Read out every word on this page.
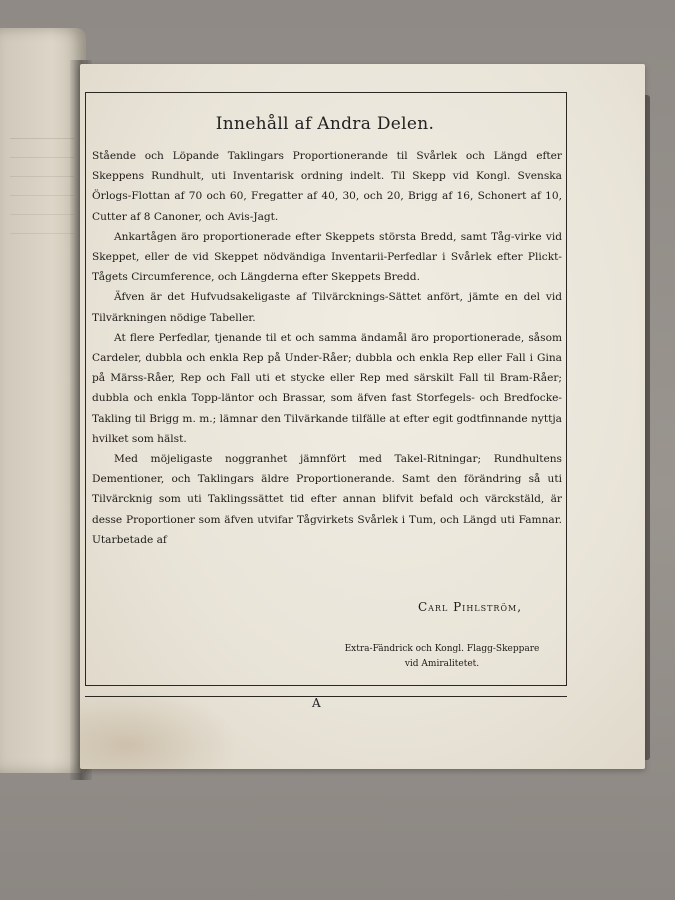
Innehåll af Andra Delen.

Stående och Löpande Taklingars Proportionerande til Svårlek och Längd efter Skeppens Rundhult, uti Inventarisk ordning indelt. Til Skepp vid Kongl. Svenska Örlogs-Flottan af 70 och 60, Fregatter af 40, 30, och 20, Brigg af 16, Schonert af 10, Cutter af 8 Canoner, och Avis-Jagt.

Ankartågen äro proportionerade efter Skeppets största Bredd, samt Tåg-virke vid Skeppet, eller de vid Skeppet nödvändiga Inventarii-Perfedlar i Svårlek efter Plickt-Tågets Circumference, och Längderna efter Skeppets Bredd.

Äfven är det Hufvudsakeligaste af Tilvärcknings-Sättet anfört, jämte en del vid Tilvärkningen nödige Tabeller.

At flere Perfedlar, tjenande til et och samma ändamål äro proportionerade, såsom Cardeler, dubbla och enkla Rep på Under-Råer; dubbla och enkla Rep eller Fall i Gina på Märss-Råer, Rep och Fall uti et stycke eller Rep med särskilt Fall til Bram-Råer; dubbla och enkla Topp-läntor och Brassar, som äfven fast Storfegels- och Bredfocke-Takling til Brigg m. m.; lämnar den Tilvärkande tilfälle at efter egit godtfinnande nyttja hvilket som hälst.

Med möjeligaste noggranhet jämnfört med Takel-Ritningar; Rundhultens Dementioner, och Taklingars äldre Proportionerande. Samt den förändring så uti Tilvärcknig som uti Taklingssättet tid efter annan blifvit befald och värckstäld, är desse Proportioner som äfven utvifar Tågvirkets Svårlek i Tum, och Längd uti Famnar. Utarbetade af

Carl Pihlström,
Extra-Fändrick och Kongl. Flagg-Skeppare
vid Amiralitetet.
A
